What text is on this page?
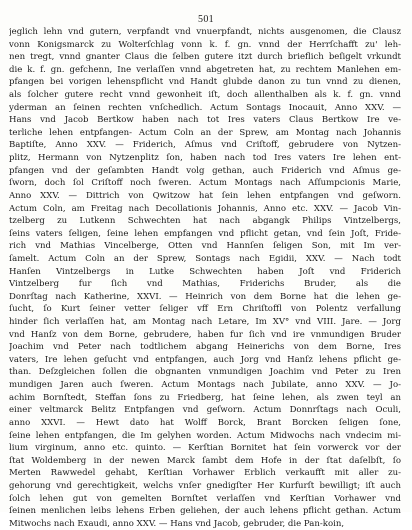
501
jeglich lehn vnd gutern, verpfandt vnd vnuerpfandt, nichts ausgenomen, die Clausz
vonn Konigsmarck zu Wolterſchlag vonn k. f. gn. vnnd der Herrſchafft zu' leh-
nen tregt, vnnd gnanter Claus die ſelben gutere itzt durch brieflich beſigelt vrkundt
die k. f. gn. gefchenn, Ine verlaſſen vnnd abgetreten hat, zu rechtem Manlehen em-
pfangen bei vorigen lehenspflicht vnd Handt glubde danon zu tun vnnd zu dienen,
als ſolcher gutere recht vnnd gewonheit iſt, doch allenthalben als k. f. gn. vnnd
yderman an ſeinen rechten vnſchedlich. Actum Sontags Inocauit, Anno XXV. —
Hans vnd Jacob Bertkow haben nach tot Ires vaters Claus Bertkow Ire ve-
terliche lehen entpfangen- Actum Coln an der Sprew, am Montag nach Johannis
Baptiſte, Anno XXV. — Friderich, Aſmus vnd Criſtoff, gebrudere von Nytzen-
plitz, Hermann von Nytzenplitz ſon, haben nach tod Ires vaters Ire lehen ent-
pfangen vnd der geſambten Handt volg gethan, auch Friderich vnd Aſmus ge-
ſworn, doch ſol Criſtoff noch ſweren. Actum Montags nach Aſſumpcionis Marie,
Anno XXV. — Dittrich von Qwitzow hat ſein lehen entpfangen vnd geſworn.
Actum Coln, am Freitag nach Decollationis Johannis, Anno etc. XXV. — Jacob Vin-
tzelberg zu Lutkenn Schwechten hat nach abgangk Philips Vintzelbergs,
ſeins vaters ſeligen, ſeine lehen empfangen vnd pflicht getan, vnd ſein Joſt, Fride-
rich vnd Mathias Vincelberge, Otten vnd Hannſen ſeligen Son, mit Im ver-
ſamelt. Actum Coln an der Sprew, Sontags nach Egidii, XXV. — Nach todt
Hanſen Vintzelbergs in Lutke Schwechten haben Joſt vnd Friderich
Vintzelberg fur ſich vnd Mathias, Friderichs Bruder, als die
Donrſtag nach Katherine, XXVI. — Heinrich von dem Borne hat die lehen ge-
ſucht, ſo Kurt ſeiner vetter ſeliger vff Ern Chriſtoffl von Polentz verfallung
hinder ſich verlaſſen hat, am Montag nach Letare, Im XV° vnd VIII. Jare. — Jorg
vnd Hanſz von dem Borne, gebrudere, haben fur ſich vnd ire vnmundigen Bruder
Joachim vnd Peter nach todtlichem abgang Heinerichs von dem Borne, Ires
vaters, Ire lehen geſucht vnd entpfangen, auch Jorg vnd Hanſz lehens pflicht ge-
than. Deſzgleichen ſollen die obgnanten vnmundigen Joachim vnd Peter zu Iren
mundigen Jaren auch ſweren. Actum Montags nach Jubilate, anno XXV. — Jo-
achim Bornſtedt, Steffan ſons zu Friedberg, hat ſeine lehen, als zwen teyl an
einer veltmarck Belitz Entpfangen vnd geſworn. Actum Donnrſtags nach Oculi,
anno XXVI. — Hewt dato hat Wolff Borck, Brant Borcken ſeligen ſone,
ſeine lehen entpfangen, die Im gelyhen worden. Actum Midwochs nach vndecim mi-
lium virginum, anno etc. quinto. — Kerſtian Bornitet hat ſein vorwerck vor der
ſtat Woldemberg in der newen Marck ſambt dem Hofe in der ſtat daſelbſt, ſo
Merten Rawwedel gehabt, Kerſtian Vorhawer Erblich verkaufft mit aller zu-
gehorung vnd gerechtigkeit, welchs vnſer gnedigſter Her Kurfurſt bewilligt; iſt auch
ſolch lehen gut von gemelten Bornſtet verlaſſen vnd Kerſtian Vorhawer vnd
ſeinen menlichen leibs lehens Erben geliehen, der auch lehens pflicht gethan. Actum
Mitwochs nach Exaudi, anno XXV. — Hans vnd Jacob, gebruder, die Pan-koin,
